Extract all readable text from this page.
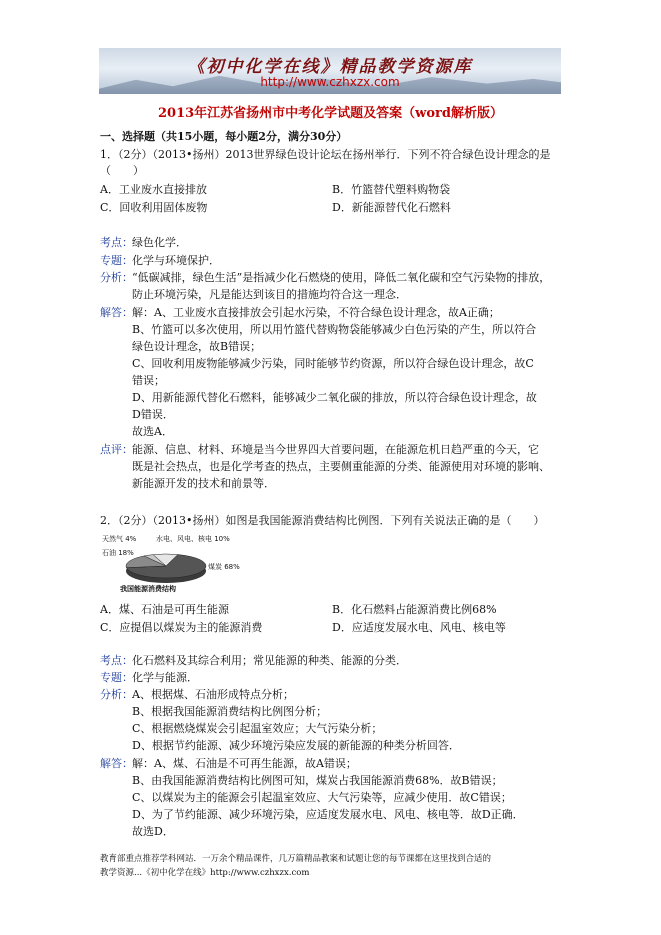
《初中化学在线》精品教学资源库
http://www.czhxzx.com
2013年江苏省扬州市中考化学试题及答案（word解析版）
一、选择题（共15小题，每小题2分，满分30分）
1．（2分）（2013•扬州）2013世界绿色设计论坛在扬州举行．下列不符合绿色设计理念的是
（　　）
A．工业废水直接排放	B．竹篮替代塑料购物袋
C．回收利用固体废物	D．新能源替代化石燃料
考点： 绿色化学．
专题： 化学与环境保护．
分析： “低碳减排，绿色生活”是指减少化石燃烧的使用，降低二氧化碳和空气污染物的排放，
防止环境污染，凡是能达到该目的措施均符合这一理念．
解答： 解：A、工业废水直接排放会引起水污染，不符合绿色设计理念，故A正确；
B、竹篮可以多次使用，所以用竹篮代替购物袋能够减少白色污染的产生，所以符合
绿色设计理念，故B错误；
C、回收利用废物能够减少污染，同时能够节约资源，所以符合绿色设计理念，故C
错误；
D、用新能源代替化石燃料，能够减少二氧化碳的排放，所以符合绿色设计理念，故
D错误．
故选A．
点评： 能源、信息、材料、环境是当今世界四大首要问题，在能源危机日趋严重的今天，它
既是社会热点，也是化学考查的热点，主要侧重能源的分类、能源使用对环境的影响、
新能源开发的技术和前景等．
2．（2分）（2013•扬州）如图是我国能源消费结构比例图．下列有关说法正确的是（　　）
天然气 4%	水电、风电、核电 10%
石油 18%
煤炭 68%
我国能源消费结构
A．煤、石油是可再生能源	B．化石燃料占能源消费比例68%
C．应提倡以煤炭为主的能源消费	D．应适度发展水电、风电、核电等
考点： 化石燃料及其综合利用；常见能源的种类、能源的分类．
专题： 化学与能源．
分析： A、根据煤、石油形成特点分析；
B、根据我国能源消费结构比例图分析；
C、根据燃烧煤炭会引起温室效应；大气污染分析；
D、根据节约能源、减少环境污染应发展的新能源的种类分析回答．
解答： 解：A、煤、石油是不可再生能源，故A错误；
B、由我国能源消费结构比例图可知，煤炭占我国能源消费68%．故B错误；
C、以煤炭为主的能源会引起温室效应、大气污染等，应减少使用．故C错误；
D、为了节约能源、减少环境污染，应适度发展水电、风电、核电等．故D正确．
故选D．
教育部重点推荐学科网站．一万余个精品课件，几万篇精品教案和试题让您的每节课都在这里找到合适的
教学资源...《初中化学在线》http://www.czhxzx.com
